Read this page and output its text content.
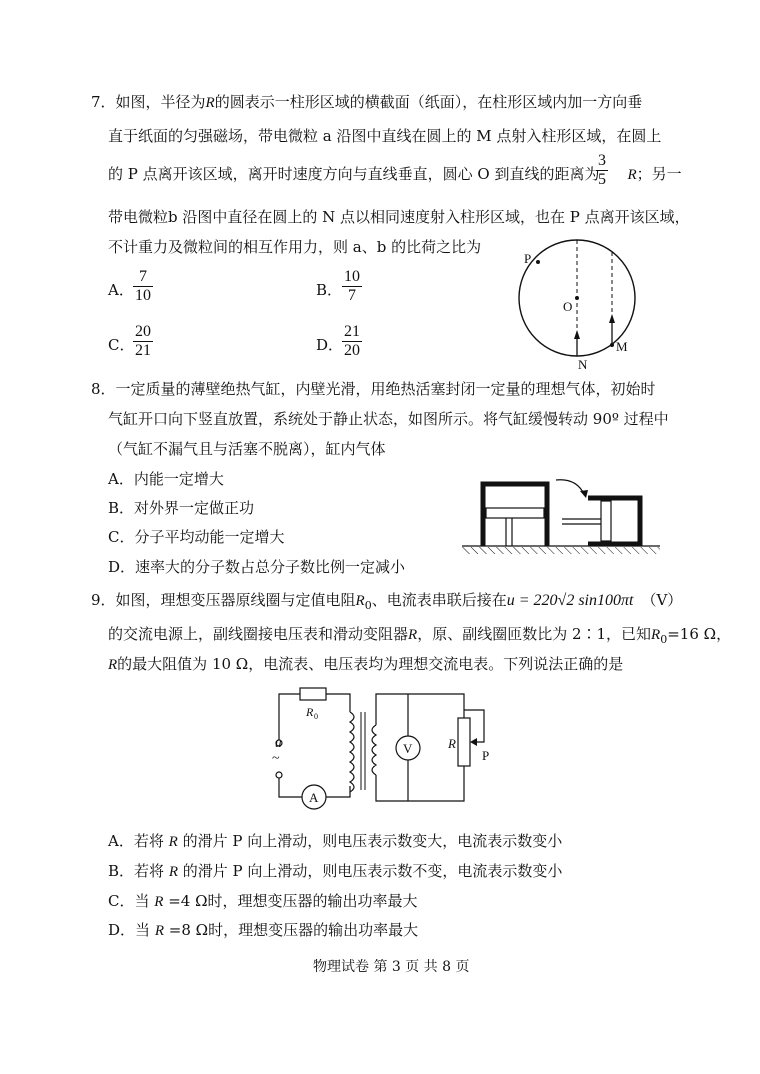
7．如图，半径为R的圆表示一柱形区域的横截面（纸面），在柱形区域内加一方向垂
直于纸面的匀强磁场，带电微粒 a 沿图中直线在圆上的 M 点射入柱形区域，在圆上
的 P 点离开该区域，离开时速度方向与直线垂直，圆心 O 到直线的距离为 R；另一
$\frac{3}{5}$
带电微粒b 沿图中直径在圆上的 N 点以相同速度射入柱形区域，也在 P 点离开该区域，
不计重力及微粒间的相互作用力，则 a、b 的比荷之比为
A． $\frac{7}{10}$	B． $\frac{10}{7}$
C．
$\frac{20}{21}$	D．
$\frac{21}{20}$
P
O
N
M
8．一定质量的薄壁绝热气缸，内壁光滑，用绝热活塞封闭一定量的理想气体，初始时
气缸开口向下竖直放置，系统处于静止状态，如图所示。将气缸缓慢转动 90º 过程中
（气缸不漏气且与活塞不脱离），缸内气体
A．内能一定增大
B．对外界一定做正功
C．分子平均动能一定增大
D．速率大的分子数占总分子数比例一定减小
9．如图，理想变压器原线圈与定值电阻$R_0$、电流表串联后接在u = 220√2 sin100πt （V）
的交流电源上，副线圈接电压表和滑动变阻器R，原、副线圈匝数比为 2∶1，已知$R_0=16$ Ω，
R的最大阻值为 10 Ω，电流表、电压表均为理想交流电表。下列说法正确的是
R 0
u
~
A
V	R
P
A．若将 R 的滑片 P 向上滑动，则电压表示数变大，电流表示数变小
B．若将 R 的滑片 P 向上滑动，则电压表示数不变，电流表示数变小
C．当 R =4 Ω时，理想变压器的输出功率最大
D．当 R =8 Ω时，理想变压器的输出功率最大
物理试卷 第 3 页 共 8 页
